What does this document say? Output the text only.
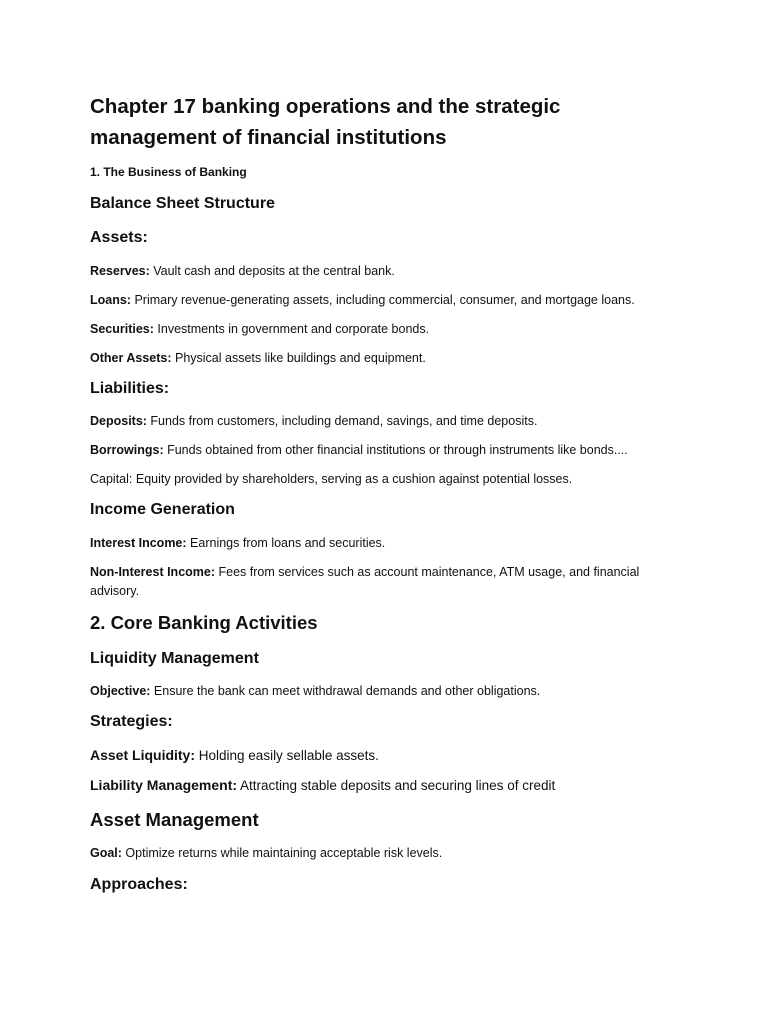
Chapter 17 banking operations and the strategic management of financial institutions
1. The Business of Banking
Balance Sheet Structure
Assets:

Reserves: Vault cash and deposits at the central bank.

Loans: Primary revenue-generating assets, including commercial, consumer, and mortgage loans.

Securities: Investments in government and corporate bonds.

Other Assets: Physical assets like buildings and equipment.

Liabilities:

Deposits: Funds from customers, including demand, savings, and time deposits.

Borrowings: Funds obtained from other financial institutions or through instruments like bonds....

Capital: Equity provided by shareholders, serving as a cushion against potential losses.

Income Generation

Interest Income: Earnings from loans and securities.

Non-Interest Income: Fees from services such as account maintenance, ATM usage, and financial advisory.

2. Core Banking Activities
Liquidity Management

Objective: Ensure the bank can meet withdrawal demands and other obligations.

Strategies:

Asset Liquidity: Holding easily sellable assets.

Liability Management: Attracting stable deposits and securing lines of credit

Asset Management

Goal: Optimize returns while maintaining acceptable risk levels.

Approaches:
